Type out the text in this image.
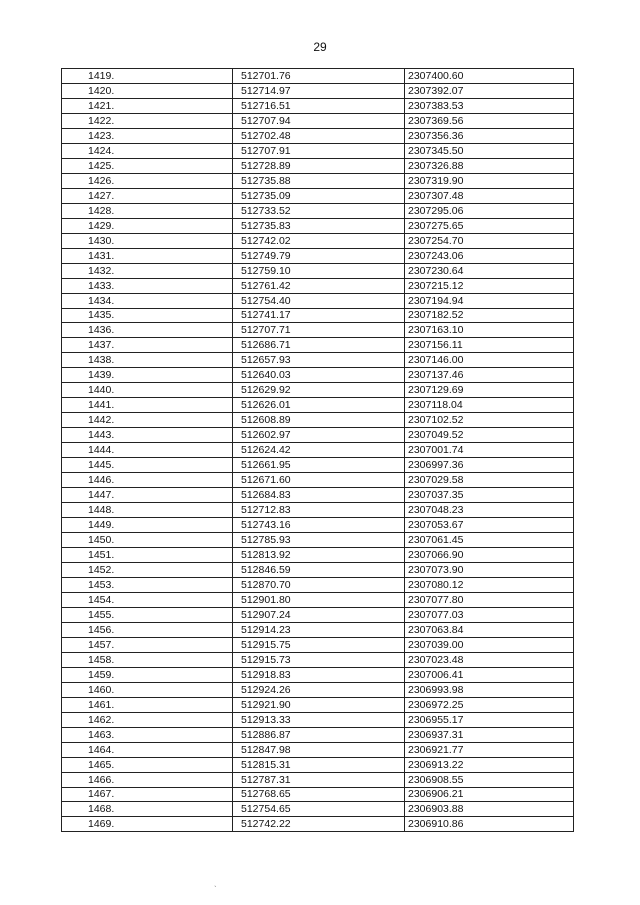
29
1419.	512701.76	2307400.60
1420.	512714.97	2307392.07
1421.	512716.51	2307383.53
1422.	512707.94	2307369.56
1423.	512702.48	2307356.36
1424.	512707.91	2307345.50
1425.	512728.89	2307326.88
1426.	512735.88	2307319.90
1427.	512735.09	2307307.48
1428.	512733.52	2307295.06
1429.	512735.83	2307275.65
1430.	512742.02	2307254.70
1431.	512749.79	2307243.06
1432.	512759.10	2307230.64
1433.	512761.42	2307215.12
1434.	512754.40	2307194.94
1435.	512741.17	2307182.52
1436.	512707.71	2307163.10
1437.	512686.71	2307156.11
1438.	512657.93	2307146.00
1439.	512640.03	2307137.46
1440.	512629.92	2307129.69
1441.	512626.01	2307118.04
1442.	512608.89	2307102.52
1443.	512602.97	2307049.52
1444.	512624.42	2307001.74
1445.	512661.95	2306997.36
1446.	512671.60	2307029.58
1447.	512684.83	2307037.35
1448.	512712.83	2307048.23
1449.	512743.16	2307053.67
1450.	512785.93	2307061.45
1451.	512813.92	2307066.90
1452.	512846.59	2307073.90
1453.	512870.70	2307080.12
1454.	512901.80	2307077.80
1455.	512907.24	2307077.03
1456.	512914.23	2307063.84
1457.	512915.75	2307039.00
1458.	512915.73	2307023.48
1459.	512918.83	2307006.41
1460.	512924.26	2306993.98
1461.	512921.90	2306972.25
1462.	512913.33	2306955.17
1463.	512886.87	2306937.31
1464.	512847.98	2306921.77
1465.	512815.31	2306913.22
1466.	512787.31	2306908.55
1467.	512768.65	2306906.21
1468.	512754.65	2306903.88
1469.	512742.22	2306910.86
`
